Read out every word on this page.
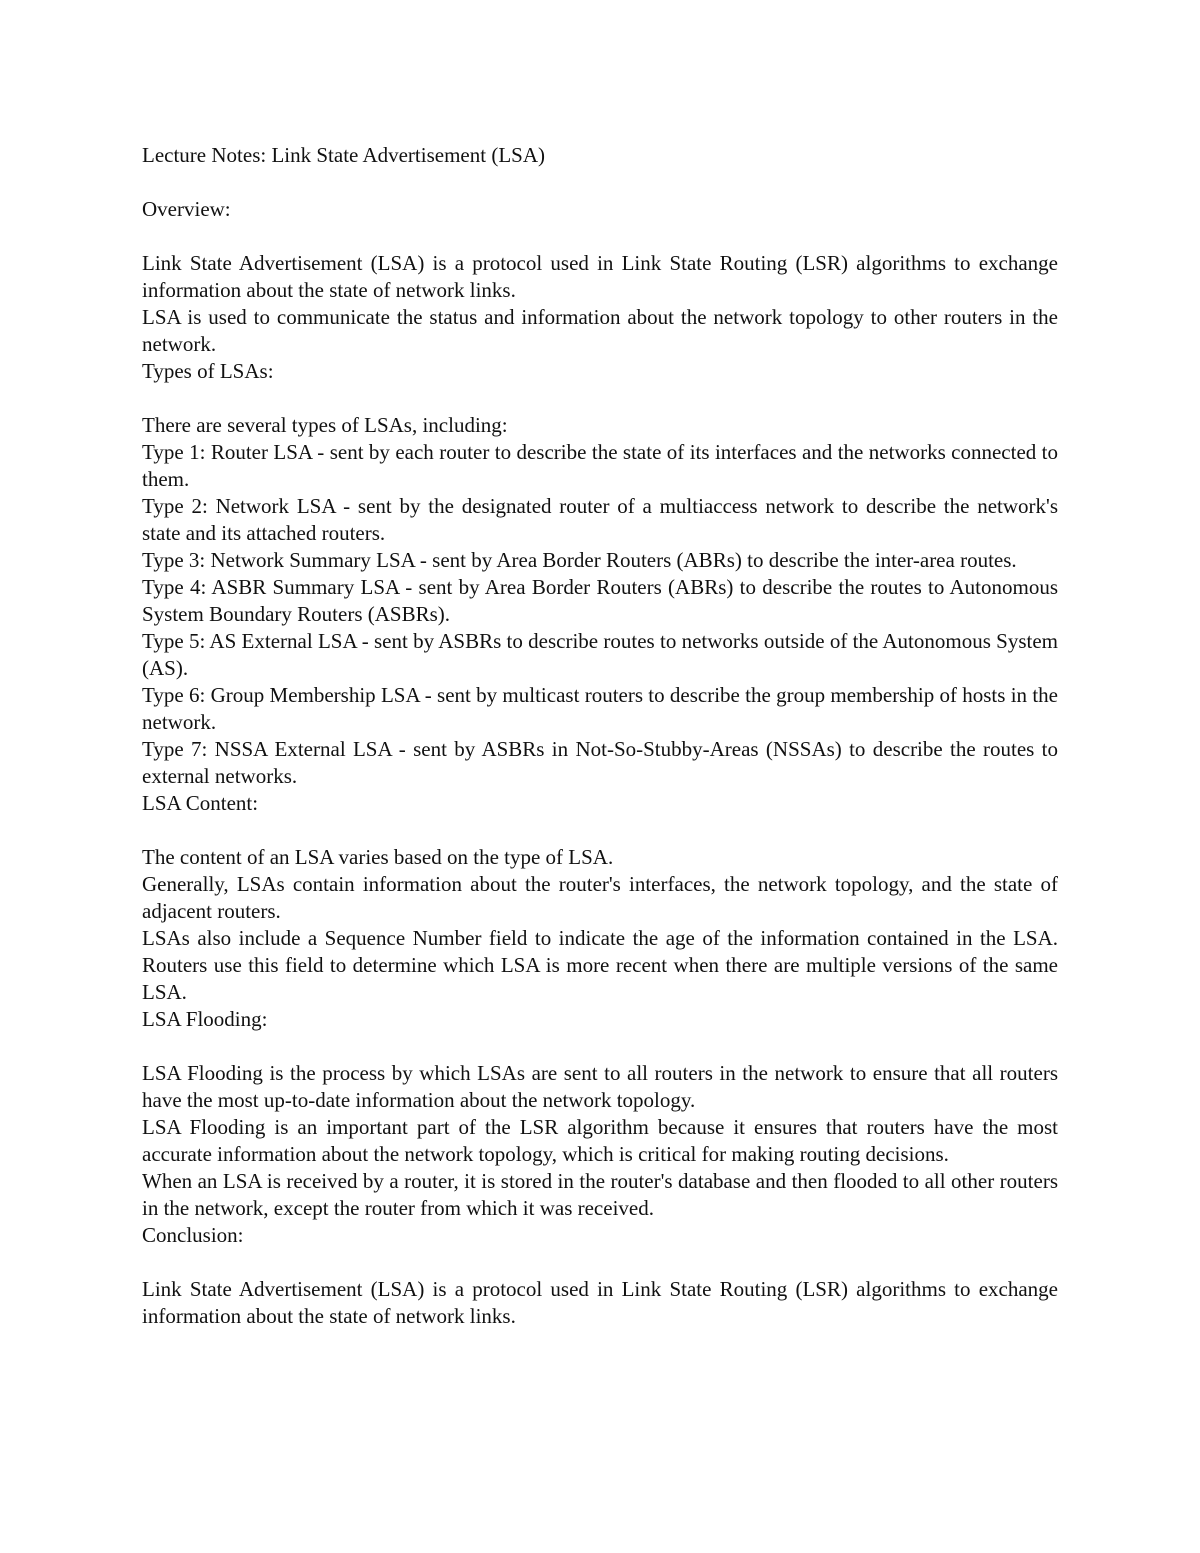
Lecture Notes: Link State Advertisement (LSA)

Overview:

Link State Advertisement (LSA) is a protocol used in Link State Routing (LSR) algorithms to exchange information about the state of network links.

LSA is used to communicate the status and information about the network topology to other routers in the network.

Types of LSAs:

There are several types of LSAs, including:

Type 1: Router LSA - sent by each router to describe the state of its interfaces and the networks connected to them.

Type 2: Network LSA - sent by the designated router of a multiaccess network to describe the network's state and its attached routers.

Type 3: Network Summary LSA - sent by Area Border Routers (ABRs) to describe the inter-area routes.

Type 4: ASBR Summary LSA - sent by Area Border Routers (ABRs) to describe the routes to Autonomous System Boundary Routers (ASBRs).

Type 5: AS External LSA - sent by ASBRs to describe routes to networks outside of the Autonomous System (AS).

Type 6: Group Membership LSA - sent by multicast routers to describe the group membership of hosts in the network.

Type 7: NSSA External LSA - sent by ASBRs in Not-So-Stubby-Areas (NSSAs) to describe the routes to external networks.

LSA Content:

The content of an LSA varies based on the type of LSA.

Generally, LSAs contain information about the router's interfaces, the network topology, and the state of adjacent routers.

LSAs also include a Sequence Number field to indicate the age of the information contained in the LSA. Routers use this field to determine which LSA is more recent when there are multiple versions of the same LSA.

LSA Flooding:

LSA Flooding is the process by which LSAs are sent to all routers in the network to ensure that all routers have the most up-to-date information about the network topology.

LSA Flooding is an important part of the LSR algorithm because it ensures that routers have the most accurate information about the network topology, which is critical for making routing decisions.

When an LSA is received by a router, it is stored in the router's database and then flooded to all other routers in the network, except the router from which it was received.

Conclusion:

Link State Advertisement (LSA) is a protocol used in Link State Routing (LSR) algorithms to exchange information about the state of network links.
